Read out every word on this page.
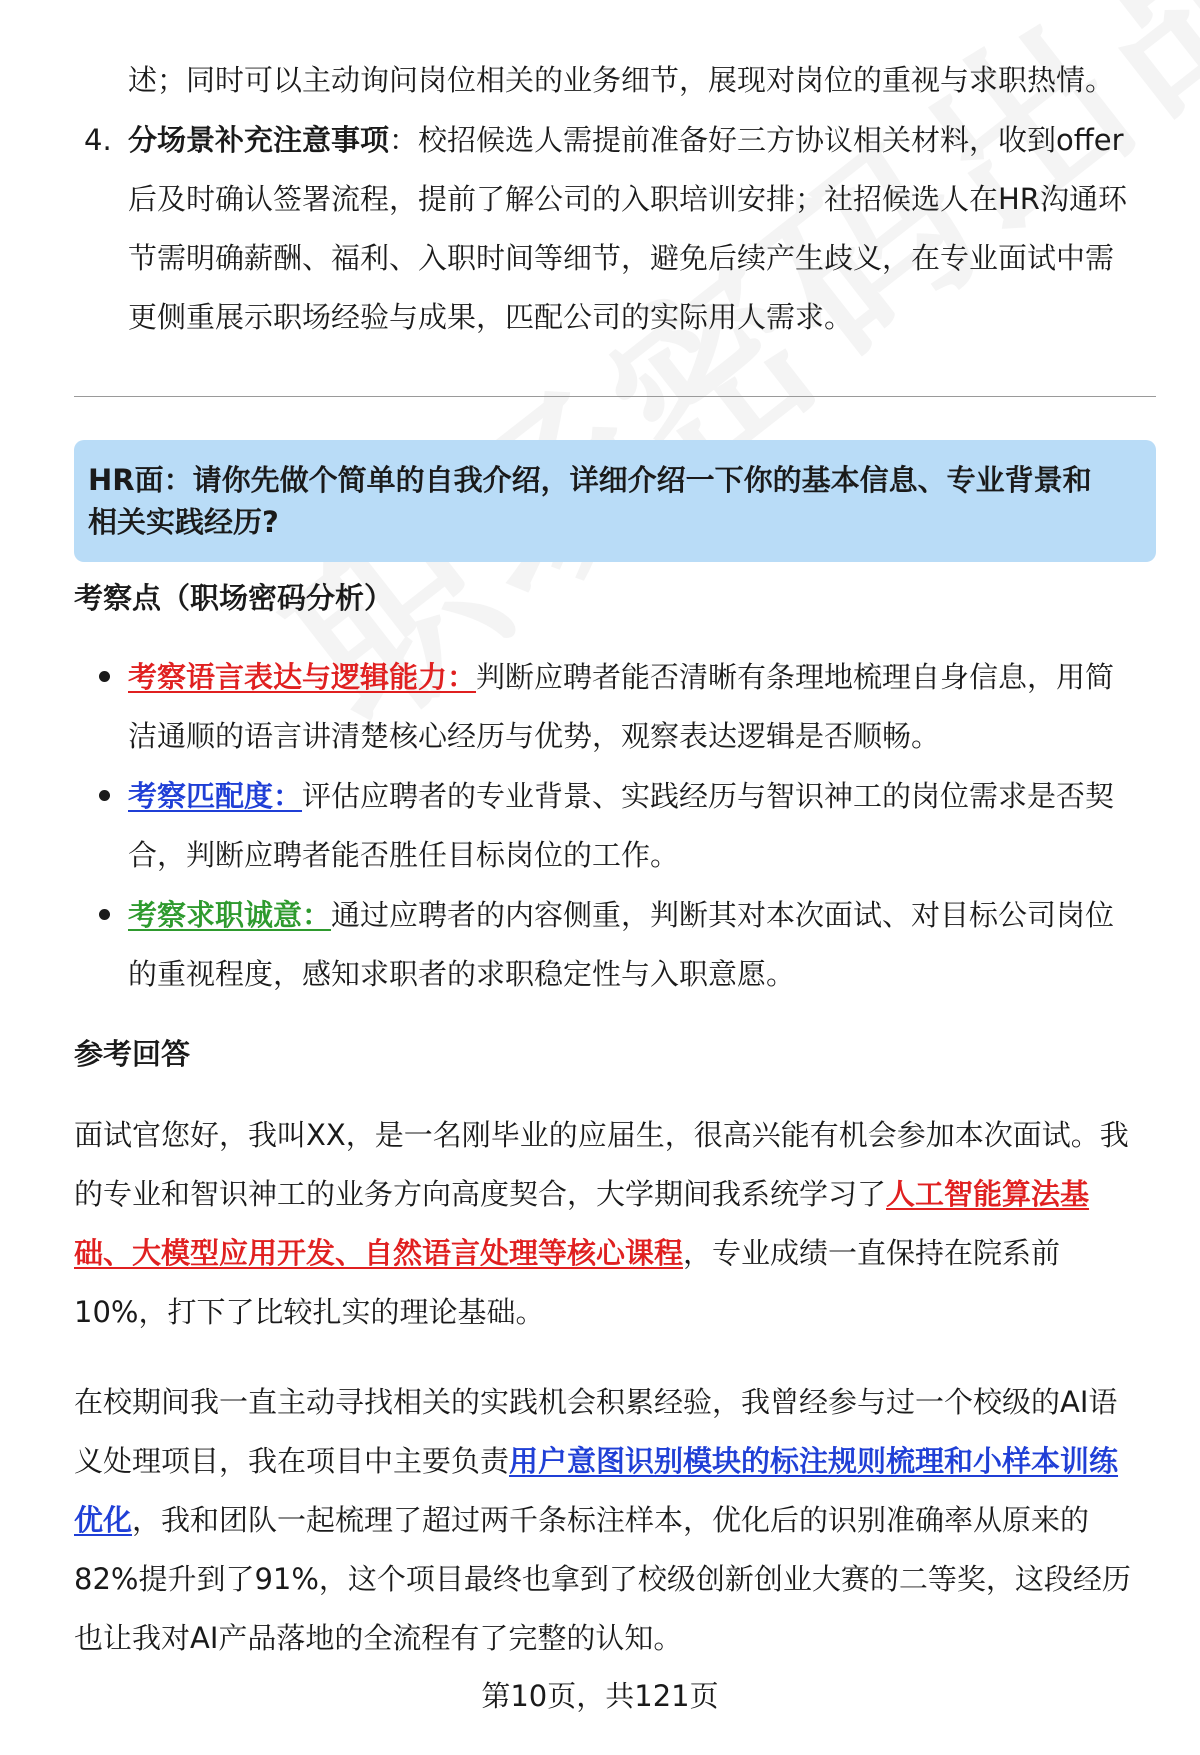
述；同时可以主动询问岗位相关的业务细节，展现对岗位的重视与求职热情。
4. 分场景补充注意事项：校招候选人需提前准备好三方协议相关材料，收到offer
后及时确认签署流程，提前了解公司的入职培训安排；社招候选人在HR沟通环
节需明确薪酬、福利、入职时间等细节，避免后续产生歧义，在专业面试中需
更侧重展示职场经验与成果，匹配公司的实际用人需求。
HR面：请你先做个简单的自我介绍，详细介绍一下你的基本信息、专业背景和
相关实践经历?
考察点（职场密码分析）
考察语言表达与逻辑能力：判断应聘者能否清晰有条理地梳理自身信息，用简
洁通顺的语言讲清楚核心经历与优势，观察表达逻辑是否顺畅。
考察匹配度：评估应聘者的专业背景、实践经历与智识神工的岗位需求是否契
合，判断应聘者能否胜任目标岗位的工作。
考察求职诚意：通过应聘者的内容侧重，判断其对本次面试、对目标公司岗位
的重视程度，感知求职者的求职稳定性与入职意愿。
参考回答
面试官您好，我叫XX，是一名刚毕业的应届生，很高兴能有机会参加本次面试。我
的专业和智识神工的业务方向高度契合，大学期间我系统学习了人工智能算法基
础、大模型应用开发、自然语言处理等核心课程，专业成绩一直保持在院系前
10%，打下了比较扎实的理论基础。
在校期间我一直主动寻找相关的实践机会积累经验，我曾经参与过一个校级的AI语
义处理项目，我在项目中主要负责用户意图识别模块的标注规则梳理和小样本训练
优化，我和团队一起梳理了超过两千条标注样本，优化后的识别准确率从原来的
82%提升到了91%，这个项目最终也拿到了校级创新创业大赛的二等奖，这段经历
也让我对AI产品落地的全流程有了完整的认知。
第10页，共121页
